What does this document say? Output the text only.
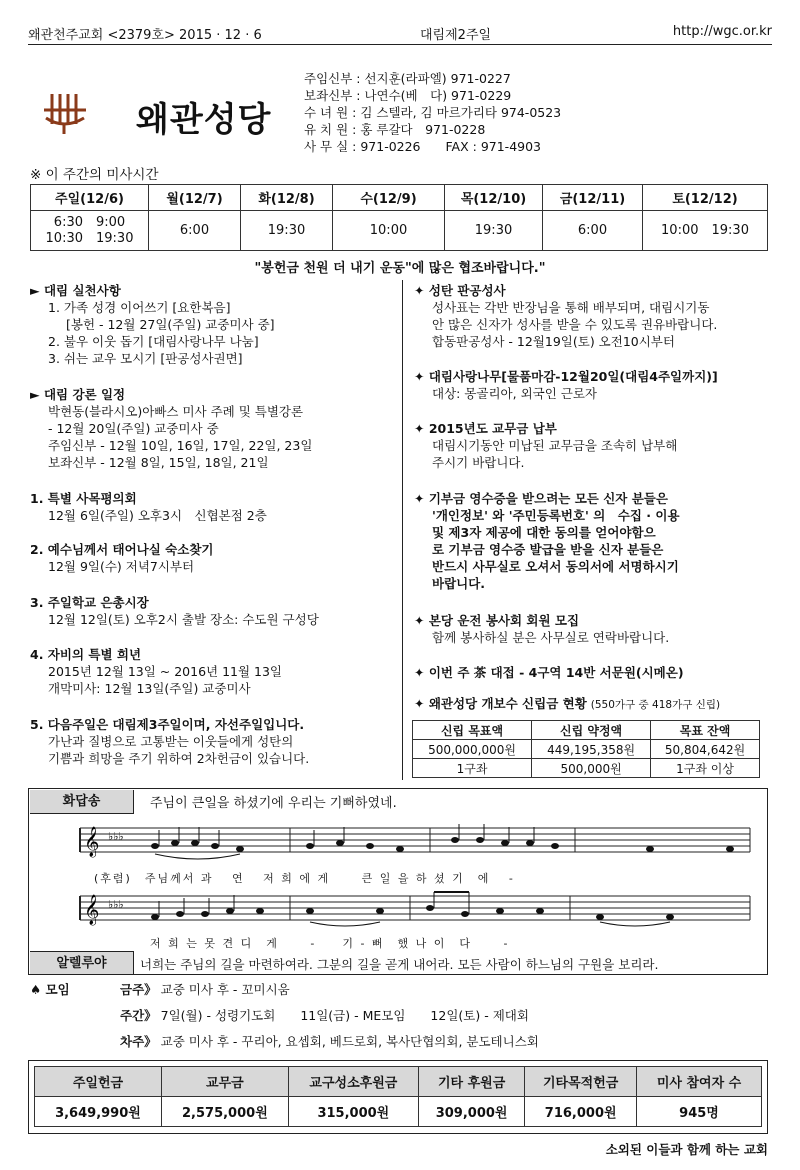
왜관천주교회 <2379호> 2015 · 12 · 6	대림제2주일	http://wgc.or.kr
왜관성당
주임신부 : 선지훈(라파엘) 971-0227
보좌신부 : 나연수(베　다) 971-0229
수 녀 원 : 김 스텔라, 김 마르가리타 974-0523
유 치 원 : 홍 루갈다　971-0228
사 무 실 : 971-0226　　FAX : 971-4903
※ 이 주간의 미사시간
주일(12/6)	월(12/7)	화(12/8)	수(12/9)	목(12/10)	금(12/11)	토(12/12)
6:30　9:00
10:30　19:30	6:00	19:30	10:00	19:30	6:00	10:00　19:30
"봉헌금 천원 더 내기 운동"에 많은 협조바랍니다."
► 대림 실천사항
1. 가족 성경 이어쓰기 [요한복음]
[봉헌 - 12월 27일(주일) 교중미사 중]
2. 불우 이웃 돕기 [대림사랑나무 나눔]
3. 쉬는 교우 모시기 [판공성사권면]
► 대림 강론 일정
박현동(블라시오)아빠스 미사 주례 및 특별강론
- 12월 20일(주일) 교중미사 중
주임신부 - 12월 10일, 16일, 17일, 22일, 23일
보좌신부 - 12월 8일, 15일, 18일, 21일
1. 특별 사목평의회
12월 6일(주일) 오후3시　신협본점 2층
2. 예수님께서 태어나실 숙소찾기
12월 9일(수) 저녁7시부터
3. 주일학교 은총시장
12월 12일(토) 오후2시 출발 장소: 수도원 구성당
4. 자비의 특별 희년
2015년 12월 13일 ~ 2016년 11월 13일
개막미사: 12월 13일(주일) 교중미사
5. 다음주일은 대림제3주일이며, 자선주일입니다.
가난과 질병으로 고통받는 이웃들에게 성탄의
기쁨과 희망을 주기 위하여 2차헌금이 있습니다.
✦ 성탄 판공성사
성사표는 각반 반장님을 통해 배부되며, 대림시기동
안 많은 신자가 성사를 받을 수 있도록 권유바랍니다.
합동판공성사 - 12월19일(토) 오전10시부터
✦ 대림사랑나무[물품마감-12월20일(대림4주일까지)]
대상: 몽골리아, 외국인 근로자
✦ 2015년도 교무금 납부
대림시기동안 미납된 교무금을 조속히 납부해
주시기 바랍니다.
✦ 기부금 영수증을 받으려는 모든 신자 분들은
'개인정보' 와 '주민등록번호' 의　수집 · 이용
및 제3자 제공에 대한 동의를 얻어야함으
로 기부금 영수증 발급을 받을 신자 분들은
반드시 사무실로 오셔서 동의서에 서명하시기
바랍니다.
✦ 본당 운전 봉사회 회원 모집
함께 봉사하실 분은 사무실로 연락바랍니다.
✦ 이번 주 茶 대접 - 4구역 14반 서문원(시메온)
✦ 왜관성당 개보수 신립금 현황 (550가구 중 418가구 신립)
신립 목표액	신립 약정액	목표 잔액
500,000,000원	449,195,358원	50,804,642원
1구좌	500,000원	1구좌 이상
화답송	주님이 큰일을 하셨기에 우리는 기뻐하였네.
𝄞
𝄞
♭♭♭
♭♭♭
(후렴)　주님께서 과　 연　 저 희 에 게　　 큰 일 을 하 셨 기　에　 -
저 희 는 못 견 디　게　　 -　　기 - 뻐　했 나 이　다　　 -
알렐루야	너희는 주님의 길을 마련하여라. 그분의 길을 곧게 내어라. 모든 사람이 하느님의 구원을 보리라.
♠ 모임	금주》 교중 미사 후 - 꼬미시움
주간》 7일(월) - 성령기도회　　11일(금) - ME모임　　12일(토) - 제대회
차주》 교중 미사 후 - 꾸리아, 요셉회, 베드로회, 복사단협의회, 분도테니스회
주일헌금	교무금	교구성소후원금	기타 후원금	기타목적헌금	미사 참여자 수
3,649,990원	2,575,000원	315,000원	309,000원	716,000원	945명
소외된 이들과 함께 하는 교회
